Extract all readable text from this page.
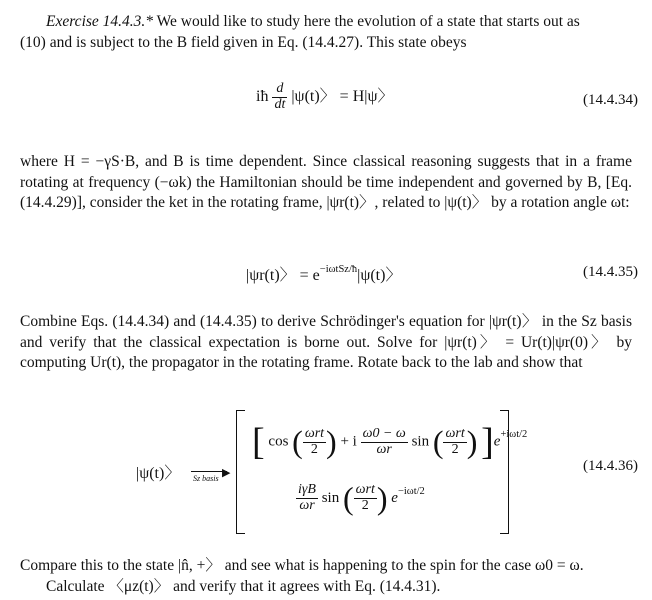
Exercise 14.4.3.* We would like to study here the evolution of a state that starts out as
(10) and is subject to the B field given in Eq. (14.4.27). This state obeys
iħ $\frac{d}{dt} |\psi(t)$〉 = H|ψ〉	(14.4.34)
where H = −γS·B, and B is time dependent. Since classical reasoning suggests that in a frame rotating at frequency (−ωk) the Hamiltonian should be time independent and governed by B, [Eq. (14.4.29)], consider the ket in the rotating frame, |ψr(t)〉, related to |ψ(t)〉 by a rotation angle ωt:
|ψr(t)〉 = $e^{-i\omega tSz/ħ}|\psi(t)$〉	(14.4.35)
Combine Eqs. (14.4.34) and (14.4.35) to derive Schrödinger's equation for |ψr(t)〉 in the Sz basis and verify that the classical expectation is borne out. Solve for |ψr(t)〉 = Ur(t)|ψr(0)〉 by computing Ur(t), the propagator in the rotating frame. Rotate back to the lab and show that
|ψ(t)〉	▶
Sz basis
[ cos ( $\frac{\text{ωrt}}{2}$ ) + i $\frac{\omega 0 - \omega}{\omega r}$ sin ( $\frac{\text{ωrt}}{2}$ ) ]$e^{+i\omega t/2}$
$\frac{\text{iγB}}{\omega r}$ sin ( $\frac{\text{ωrt}}{2}$ ) $e^{-i\omega t/2}$
(14.4.36)
Compare this to the state |n̂, +〉 and see what is happening to the spin for the case ω0 = ω.
Calculate 〈μz(t)〉 and verify that it agrees with Eq. (14.4.31).
